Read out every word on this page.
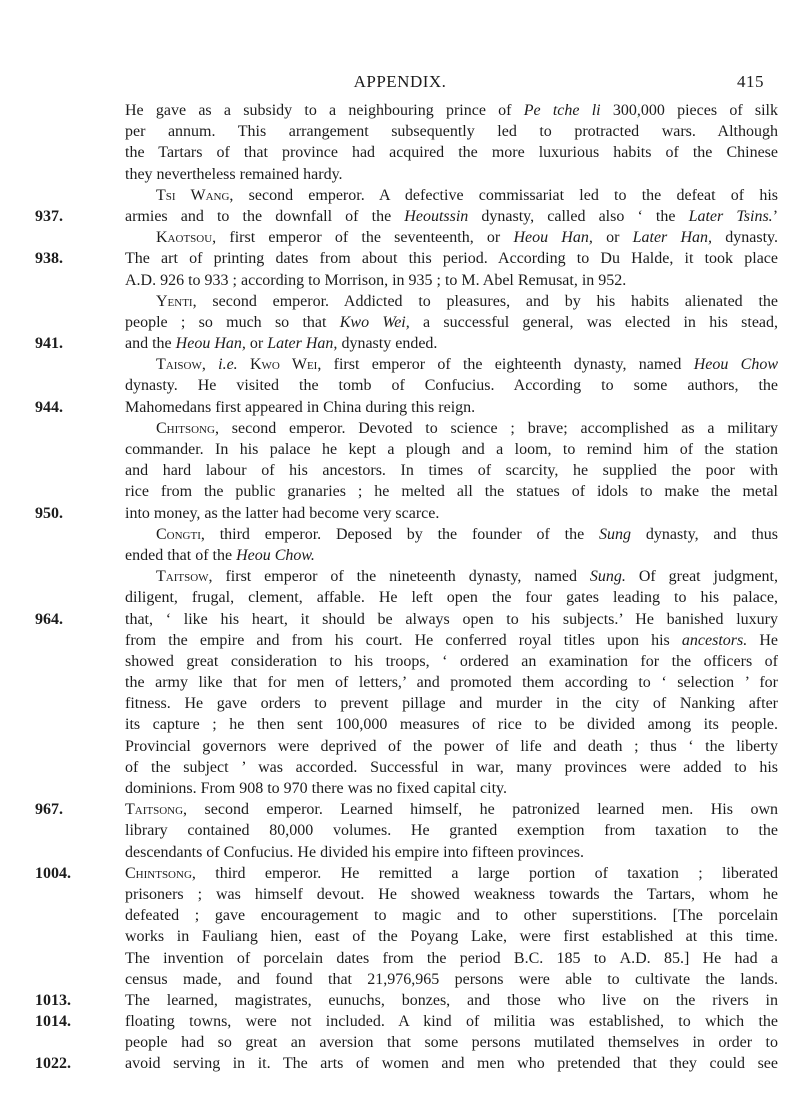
APPENDIX.	415
He gave as a subsidy to a neighbouring prince of Pe tche li 300,000 pieces of silk
per annum. This arrangement subsequently led to protracted wars. Although
the Tartars of that province had acquired the more luxurious habits of the Chinese
they nevertheless remained hardy.
Tsi Wang, second emperor. A defective commissariat led to the defeat of his
937.	armies and to the downfall of the Heoutssin dynasty, called also ‘ the Later Tsins.’
Kaotsou, first emperor of the seventeenth, or Heou Han, or Later Han, dynasty.
938.	The art of printing dates from about this period. According to Du Halde, it took place
A.D. 926 to 933 ; according to Morrison, in 935 ; to M. Abel Remusat, in 952.
Yenti, second emperor. Addicted to pleasures, and by his habits alienated the
people ; so much so that Kwo Wei, a successful general, was elected in his stead,
941.	and the Heou Han, or Later Han, dynasty ended.
Taisow, i.e. Kwo Wei, first emperor of the eighteenth dynasty, named Heou Chow
dynasty. He visited the tomb of Confucius. According to some authors, the
944.	Mahomedans first appeared in China during this reign.
Chitsong, second emperor. Devoted to science ; brave; accomplished as a military
commander. In his palace he kept a plough and a loom, to remind him of the station
and hard labour of his ancestors. In times of scarcity, he supplied the poor with
rice from the public granaries ; he melted all the statues of idols to make the metal
950.	into money, as the latter had become very scarce.
Congti, third emperor. Deposed by the founder of the Sung dynasty, and thus
ended that of the Heou Chow.
Taitsow, first emperor of the nineteenth dynasty, named Sung. Of great judgment,
diligent, frugal, clement, affable. He left open the four gates leading to his palace,
964.	that, ‘ like his heart, it should be always open to his subjects.’ He banished luxury
from the empire and from his court. He conferred royal titles upon his ancestors. He
showed great consideration to his troops, ‘ ordered an examination for the officers of
the army like that for men of letters,’ and promoted them according to ‘ selection ’ for
fitness. He gave orders to prevent pillage and murder in the city of Nanking after
its capture ; he then sent 100,000 measures of rice to be divided among its people.
Provincial governors were deprived of the power of life and death ; thus ‘ the liberty
of the subject ’ was accorded. Successful in war, many provinces were added to his
dominions. From 908 to 970 there was no fixed capital city.
967.	Taitsong, second emperor. Learned himself, he patronized learned men. His own
library contained 80,000 volumes. He granted exemption from taxation to the
descendants of Confucius. He divided his empire into fifteen provinces.
1004.	Chintsong, third emperor. He remitted a large portion of taxation ; liberated
prisoners ; was himself devout. He showed weakness towards the Tartars, whom he
defeated ; gave encouragement to magic and to other superstitions. [The porcelain
works in Fauliang hien, east of the Poyang Lake, were first established at this time.
The invention of porcelain dates from the period B.C. 185 to A.D. 85.] He had a
census made, and found that 21,976,965 persons were able to cultivate the lands.
1013.	The learned, magistrates, eunuchs, bonzes, and those who live on the rivers in
1014.	floating towns, were not included. A kind of militia was established, to which the
people had so great an aversion that some persons mutilated themselves in order to
1022.	avoid serving in it. The arts of women and men who pretended that they could see
